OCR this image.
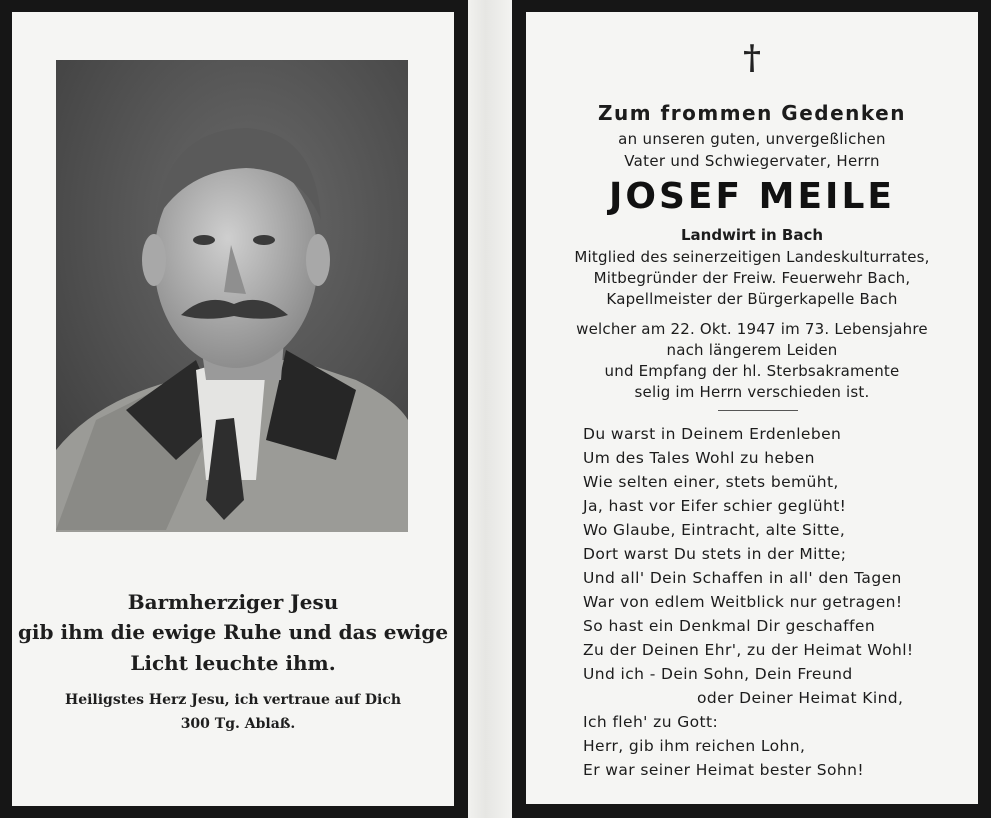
Barmherziger Jesu
gib ihm die ewige Ruhe und das ewige
Licht leuchte ihm.
Heiligstes Herz Jesu, ich vertraue auf Dich
300 Tg. Ablaß.
†
Zum frommen Gedenken
an unseren guten, unvergeßlichen
Vater und Schwiegervater, Herrn
JOSEF MEILE
Landwirt in Bach
Mitglied des seinerzeitigen Landeskulturrates,
Mitbegründer der Freiw. Feuerwehr Bach,
Kapellmeister der Bürgerkapelle Bach
welcher am 22. Okt. 1947 im 73. Lebensjahre
nach längerem Leiden
und Empfang der hl. Sterbsakramente
selig im Herrn verschieden ist.
Du warst in Deinem Erdenleben
Um des Tales Wohl zu heben
Wie selten einer, stets bemüht,
Ja, hast vor Eifer schier geglüht!
Wo Glaube, Eintracht, alte Sitte,
Dort warst Du stets in der Mitte;
Und all' Dein Schaffen in all' den Tagen
War von edlem Weitblick nur getragen!
So hast ein Denkmal Dir geschaffen
Zu der Deinen Ehr', zu der Heimat Wohl!
Und ich - Dein Sohn, Dein Freund
oder Deiner Heimat Kind,
Ich fleh' zu Gott:
Herr, gib ihm reichen Lohn,
Er war seiner Heimat bester Sohn!
